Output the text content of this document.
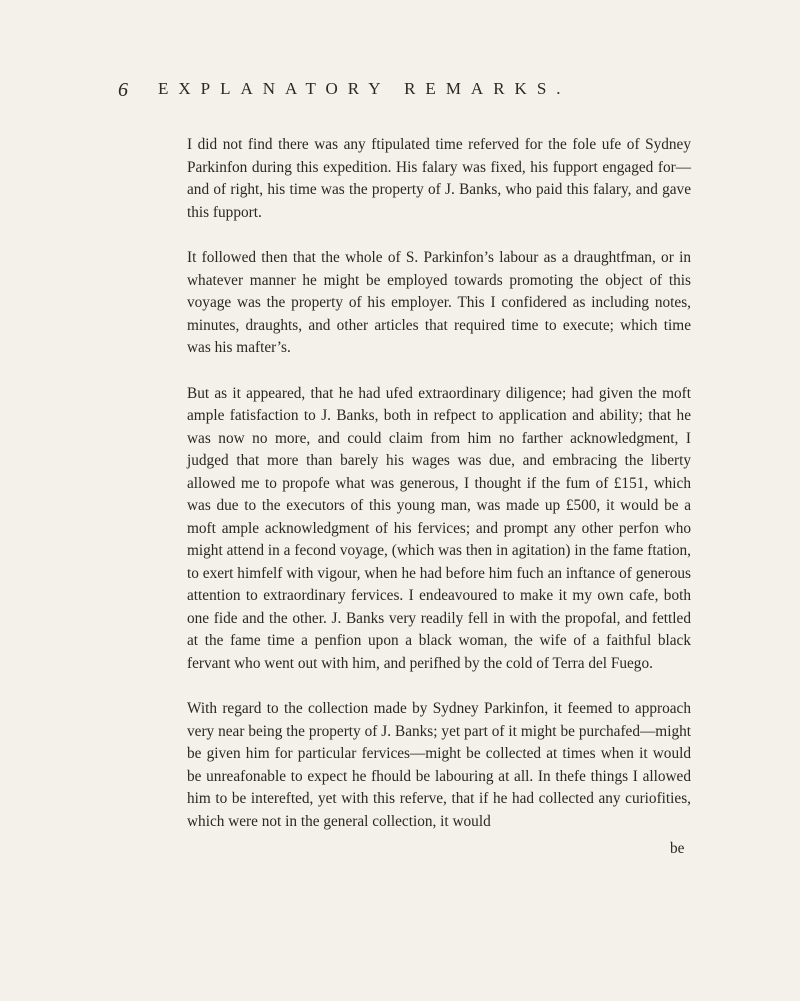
6 EXPLANATORY REMARKS.

I did not find there was any ftipulated time referved for the fole ufe of Sydney Parkinfon during this expedition. His falary was fixed, his fupport engaged for—and of right, his time was the property of J. Banks, who paid this falary, and gave this fupport.

It followed then that the whole of S. Parkinfon’s labour as a draughtfman, or in whatever manner he might be employed towards promoting the object of this voyage was the property of his employer. This I confidered as including notes, minutes, draughts, and other articles that required time to execute; which time was his mafter’s.

But as it appeared, that he had ufed extraordinary diligence; had given the moft ample fatisfaction to J. Banks, both in refpect to application and ability; that he was now no more, and could claim from him no farther acknowledgment, I judged that more than barely his wages was due, and embracing the liberty allowed me to propofe what was generous, I thought if the fum of £151, which was due to the executors of this young man, was made up £500, it would be a moft ample acknowledgment of his fervices; and prompt any other perfon who might attend in a fecond voyage, (which was then in agitation) in the fame ftation, to exert himfelf with vigour, when he had before him fuch an inftance of generous attention to extraordinary fervices. I endeavoured to make it my own cafe, both one fide and the other. J. Banks very readily fell in with the propofal, and fettled at the fame time a penfion upon a black woman, the wife of a faithful black fervant who went out with him, and perifhed by the cold of Terra del Fuego.

With regard to the collection made by Sydney Parkinfon, it feemed to approach very near being the property of J. Banks; yet part of it might be purchafed—might be given him for particular fervices—might be collected at times when it would be unreafonable to expect he fhould be labouring at all. In thefe things I allowed him to be interefted, yet with this referve, that if he had collected any curiofities, which were not in the general collection, it would

be
